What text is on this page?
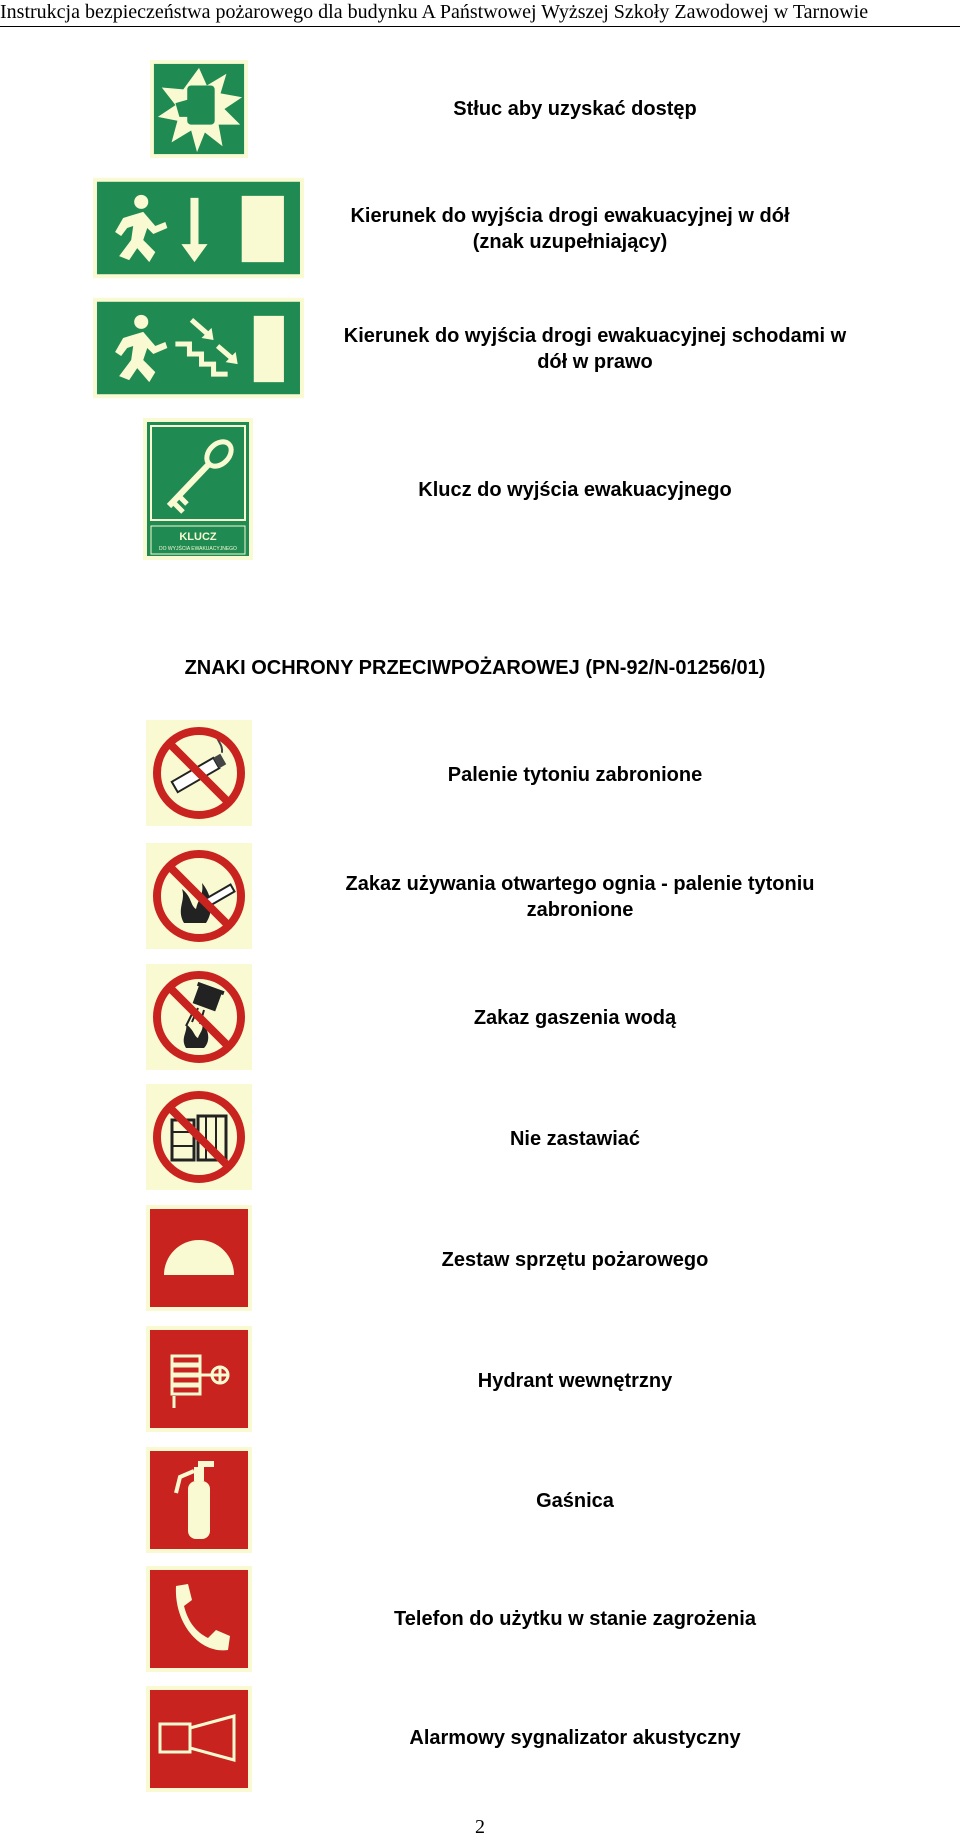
Instrukcja bezpieczeństwa pożarowego dla budynku A Państwowej Wyższej Szkoły Zawodowej w Tarnowie
Stłuc aby uzyskać dostęp
Kierunek do wyjścia drogi ewakuacyjnej w dół (znak uzupełniający)
Kierunek do wyjścia drogi ewakuacyjnej schodami w dół w prawo
KLUCZ
DO WYJŚCIA EWAKUACYJNEGO
Klucz do wyjścia ewakuacyjnego
ZNAKI OCHRONY PRZECIWPOŻAROWEJ (PN-92/N-01256/01)
Palenie tytoniu zabronione
Zakaz używania otwartego ognia - palenie tytoniu zabronione
Zakaz gaszenia wodą
Nie zastawiać
Zestaw sprzętu pożarowego
Hydrant wewnętrzny
Gaśnica
Telefon do użytku w stanie zagrożenia
Alarmowy sygnalizator akustyczny
2
